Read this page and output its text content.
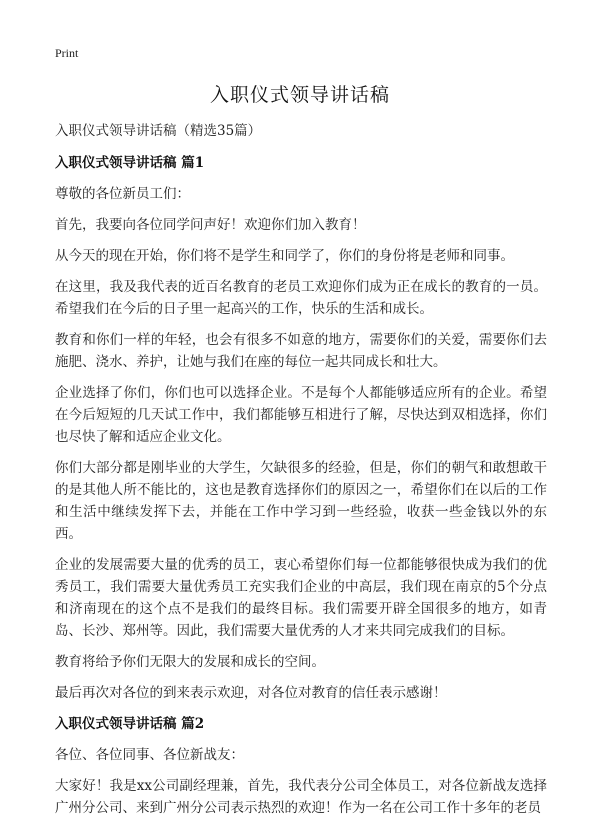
Print
入职仪式领导讲话稿

入职仪式领导讲话稿（精选35篇）

入职仪式领导讲话稿 篇1

尊敬的各位新员工们：

首先，我要向各位同学问声好！欢迎你们加入教育！

从今天的现在开始，你们将不是学生和同学了，你们的身份将是老师和同事。

在这里，我及我代表的近百名教育的老员工欢迎你们成为正在成长的教育的一员。希望我们在今后的日子里一起高兴的工作，快乐的生活和成长。

教育和你们一样的年轻，也会有很多不如意的地方，需要你们的关爱，需要你们去施肥、浇水、养护，让她与我们在座的每位一起共同成长和壮大。

企业选择了你们，你们也可以选择企业。不是每个人都能够适应所有的企业。希望在今后短短的几天试工作中，我们都能够互相进行了解，尽快达到双相选择，你们也尽快了解和适应企业文化。

你们大部分都是刚毕业的大学生，欠缺很多的经验，但是，你们的朝气和敢想敢干的是其他人所不能比的，这也是教育选择你们的原因之一，希望你们在以后的工作和生活中继续发挥下去，并能在工作中学习到一些经验，收获一些金钱以外的东西。

企业的发展需要大量的优秀的员工，衷心希望你们每一位都能够很快成为我们的优秀员工，我们需要大量优秀员工充实我们企业的中高层，我们现在南京的5个分点和济南现在的这个点不是我们的最终目标。我们需要开辟全国很多的地方，如青岛、长沙、郑州等。因此，我们需要大量优秀的人才来共同完成我们的目标。

教育将给予你们无限大的发展和成长的空间。

最后再次对各位的到来表示欢迎，对各位对教育的信任表示感谢！

入职仪式领导讲话稿 篇2

各位、各位同事、各位新战友：

大家好！我是xx公司副经理兼，首先，我代表分公司全体员工，对各位新战友选择广州分公司、来到广州分公司表示热烈的欢迎！作为一名在公司工作十多年的老员
